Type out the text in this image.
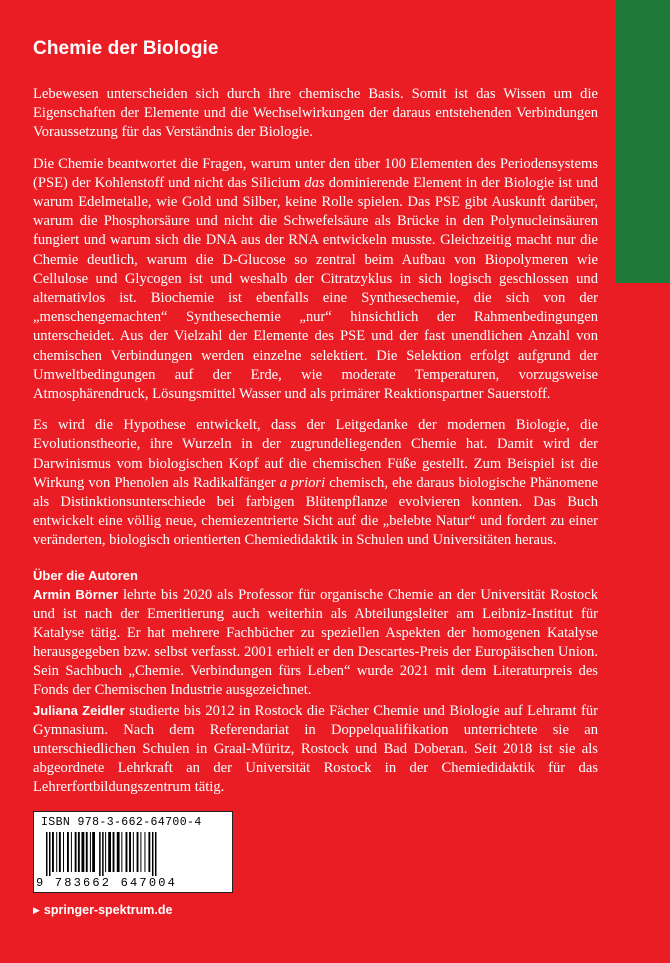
Chemie der Biologie

Lebewesen unterscheiden sich durch ihre chemische Basis. Somit ist das Wissen um die Eigenschaften der Elemente und die Wechselwirkungen der daraus entstehenden Verbindungen Voraussetzung für das Verständnis der Biologie.

Die Chemie beantwortet die Fragen, warum unter den über 100 Elementen des Periodensystems (PSE) der Kohlenstoff und nicht das Silicium das dominierende Element in der Biologie ist und warum Edelmetalle, wie Gold und Silber, keine Rolle spielen. Das PSE gibt Auskunft darüber, warum die Phosphorsäure und nicht die Schwefelsäure als Brücke in den Polynucleinsäuren fungiert und warum sich die DNA aus der RNA entwickeln musste. Gleichzeitig macht nur die Chemie deutlich, warum die D-Glucose so zentral beim Aufbau von Biopolymeren wie Cellulose und Glycogen ist und weshalb der Citratzyklus in sich logisch geschlossen und alternativlos ist. Biochemie ist ebenfalls eine Synthesechemie, die sich von der „menschengemachten“ Synthesechemie „nur“ hinsichtlich der Rahmenbedingungen unterscheidet. Aus der Vielzahl der Elemente des PSE und der fast unendlichen Anzahl von chemischen Verbindungen werden einzelne selektiert. Die Selektion erfolgt aufgrund der Umweltbedingungen auf der Erde, wie moderate Temperaturen, vorzugsweise Atmosphärendruck, Lösungsmittel Wasser und als primärer Reaktionspartner Sauerstoff.

Es wird die Hypothese entwickelt, dass der Leitgedanke der modernen Biologie, die Evolutionstheorie, ihre Wurzeln in der zugrundeliegenden Chemie hat. Damit wird der Darwinismus vom biologischen Kopf auf die chemischen Füße gestellt. Zum Beispiel ist die Wirkung von Phenolen als Radikalfänger a priori chemisch, ehe daraus biologische Phänomene als Distinktionsunterschiede bei farbigen Blütenpflanze evolvieren konnten. Das Buch entwickelt eine völlig neue, chemiezentrierte Sicht auf die „belebte Natur“ und fordert zu einer veränderten, biologisch orientierten Chemiedidaktik in Schulen und Universitäten heraus.

Über die Autoren
Armin Börner lehrte bis 2020 als Professor für organische Chemie an der Universität Rostock und ist nach der Emeritierung auch weiterhin als Abteilungsleiter am Leibniz-Institut für Katalyse tätig. Er hat mehrere Fachbücher zu speziellen Aspekten der homogenen Katalyse herausgegeben bzw. selbst verfasst. 2001 erhielt er den Descartes-Preis der Europäischen Union. Sein Sachbuch „Chemie. Verbindungen fürs Leben“ wurde 2021 mit dem Literaturpreis des Fonds der Chemischen Industrie ausgezeichnet.
Juliana Zeidler studierte bis 2012 in Rostock die Fächer Chemie und Biologie auf Lehramt für Gymnasium. Nach dem Referendariat in Doppelqualifikation unterrichtete sie an unterschiedlichen Schulen in Graal-Müritz, Rostock und Bad Doberan. Seit 2018 ist sie als abgeordnete Lehrkraft an der Universität Rostock in der Chemiedidaktik für das Lehrerfortbildungszentrum tätig.
ISBN 978-3-662-64700-4
9 783662 647004
▶ springer-spektrum.de
